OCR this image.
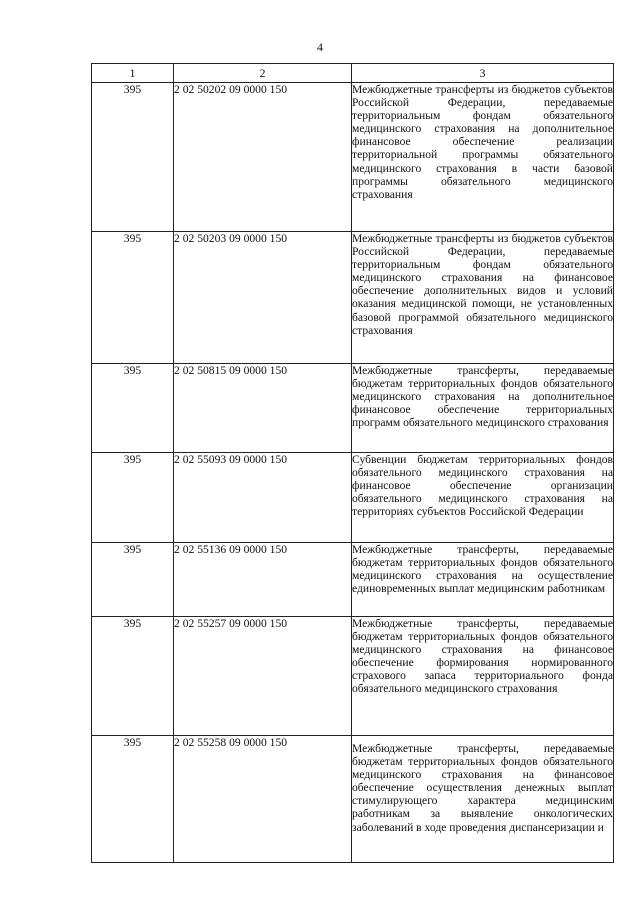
4
1	2	3
395	2 02 50202 09 0000 150	Межбюджетные трансферты из бюджетов субъектов Российской Федерации, передаваемые территориальным фондам обязательного медицинского страхования на дополнительное финансовое обеспечение реализации территориальной программы обязательного медицинского страхования в части базовой программы обязательного медицинского страхования
395	2 02 50203 09 0000 150	Межбюджетные трансферты из бюджетов субъектов Российской Федерации, передаваемые территориальным фондам обязательного медицинского страхования на финансовое обеспечение дополнительных видов и условий оказания медицинской помощи, не установленных базовой программой обязательного медицинского страхования
395	2 02 50815 09 0000 150	Межбюджетные трансферты, передаваемые бюджетам территориальных фондов обязательного медицинского страхования на дополнительное финансовое обеспечение территориальных программ обязательного медицинского страхования
395	2 02 55093 09 0000 150	Субвенции бюджетам территориальных фондов обязательного медицинского страхования на финансовое обеспечение организации обязательного медицинского страхования на территориях субъектов Российской Федерации
395	2 02 55136 09 0000 150	Межбюджетные трансферты, передаваемые бюджетам территориальных фондов обязательного медицинского страхования на осуществление единовременных выплат медицинским работникам
395	2 02 55257 09 0000 150	Межбюджетные трансферты, передаваемые бюджетам территориальных фондов обязательного медицинского страхования на финансовое обеспечение формирования нормированного страхового запаса территориального фонда обязательного медицинского страхования
395	2 02 55258 09 0000 150	Межбюджетные трансферты, передаваемые бюджетам территориальных фондов обязательного медицинского страхования на финансовое обеспечение осуществления денежных выплат стимулирующего характера медицинским работникам за выявление онкологических заболеваний в ходе проведения диспансеризации и
